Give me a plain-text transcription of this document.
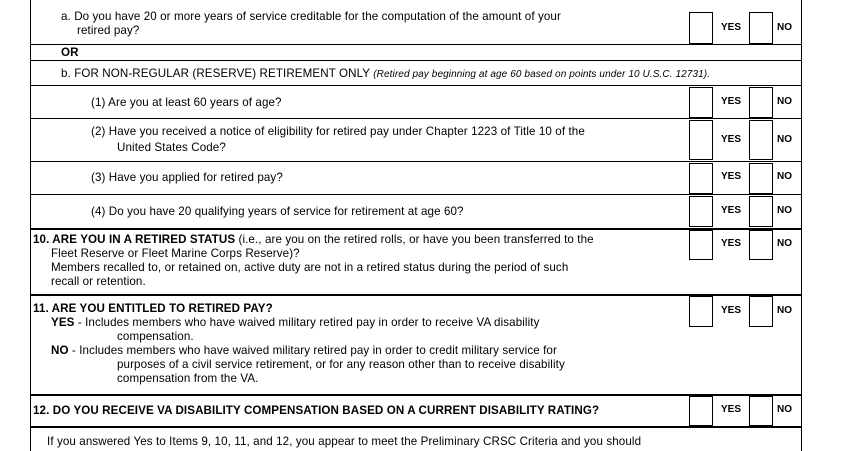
a. Do you have 20 or more years of service creditable for the computation of the amount of your
retired pay?	YES	NO
OR
b. FOR NON-REGULAR (RESERVE) RETIREMENT ONLY (Retired pay beginning at age 60 based on points under 10 U.S.C. 12731).
(1) Are you at least 60 years of age?	YES	NO
(2) Have you received a notice of eligibility for retired pay under Chapter 1223 of Title 10 of the
United States Code?
YES	NO
(3) Have you applied for retired pay?	YES	NO
(4) Do you have 20 qualifying years of service for retirement at age 60?	YES	NO
10. ARE YOU IN A RETIRED STATUS (i.e., are you on the retired rolls, or have you been transferred to the
Fleet Reserve or Fleet Marine Corps Reserve)?
Members recalled to, or retained on, active duty are not in a retired status during the period of such
recall or retention.
YES	NO
11. ARE YOU ENTITLED TO RETIRED PAY?
YES - Includes members who have waived military retired pay in order to receive VA disability
compensation.
NO - Includes members who have waived military retired pay in order to credit military service for
purposes of a civil service retirement, or for any reason other than to receive disability
compensation from the VA.
YES	NO
12. DO YOU RECEIVE VA DISABILITY COMPENSATION BASED ON A CURRENT DISABILITY RATING?	YES	NO
If you answered Yes to Items 9, 10, 11, and 12, you appear to meet the Preliminary CRSC Criteria and you should
